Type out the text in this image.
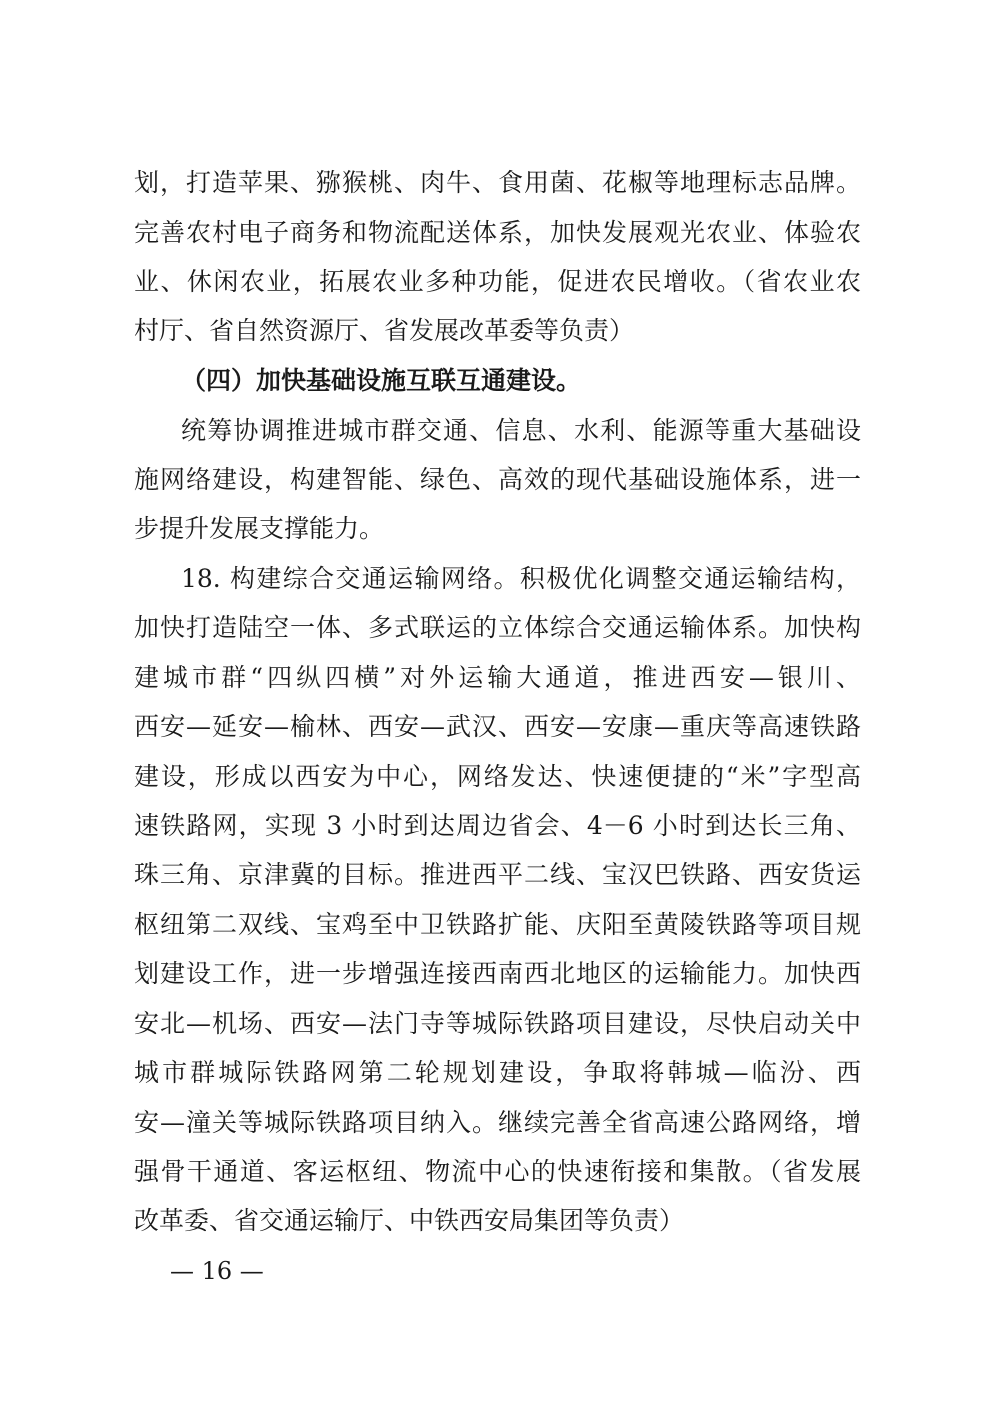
划，打造苹果、猕猴桃、肉牛、食用菌、花椒等地理标志品牌。
完善农村电子商务和物流配送体系，加快发展观光农业、体验农
业、休闲农业，拓展农业多种功能，促进农民增收。（省农业农
村厅、省自然资源厅、省发展改革委等负责）
（四）加快基础设施互联互通建设。
统筹协调推进城市群交通、信息、水利、能源等重大基础设
施网络建设，构建智能、绿色、高效的现代基础设施体系，进一
步提升发展支撑能力。
18. 构建综合交通运输网络。积极优化调整交通运输结构，
加快打造陆空一体、多式联运的立体综合交通运输体系。加快构
建城市群“四纵四横”对外运输大通道，推进西安—银川、
西安—延安—榆林、西安—武汉、西安—安康—重庆等高速铁路
建设，形成以西安为中心，网络发达、快速便捷的“米”字型高
速铁路网，实现 3 小时到达周边省会、4－6 小时到达长三角、
珠三角、京津冀的目标。推进西平二线、宝汉巴铁路、西安货运
枢纽第二双线、宝鸡至中卫铁路扩能、庆阳至黄陵铁路等项目规
划建设工作，进一步增强连接西南西北地区的运输能力。加快西
安北—机场、西安—法门寺等城际铁路项目建设，尽快启动关中
城市群城际铁路网第二轮规划建设，争取将韩城—临汾、西
安—潼关等城际铁路项目纳入。继续完善全省高速公路网络，增
强骨干通道、客运枢纽、物流中心的快速衔接和集散。（省发展
改革委、省交通运输厅、中铁西安局集团等负责）
— 16 —
